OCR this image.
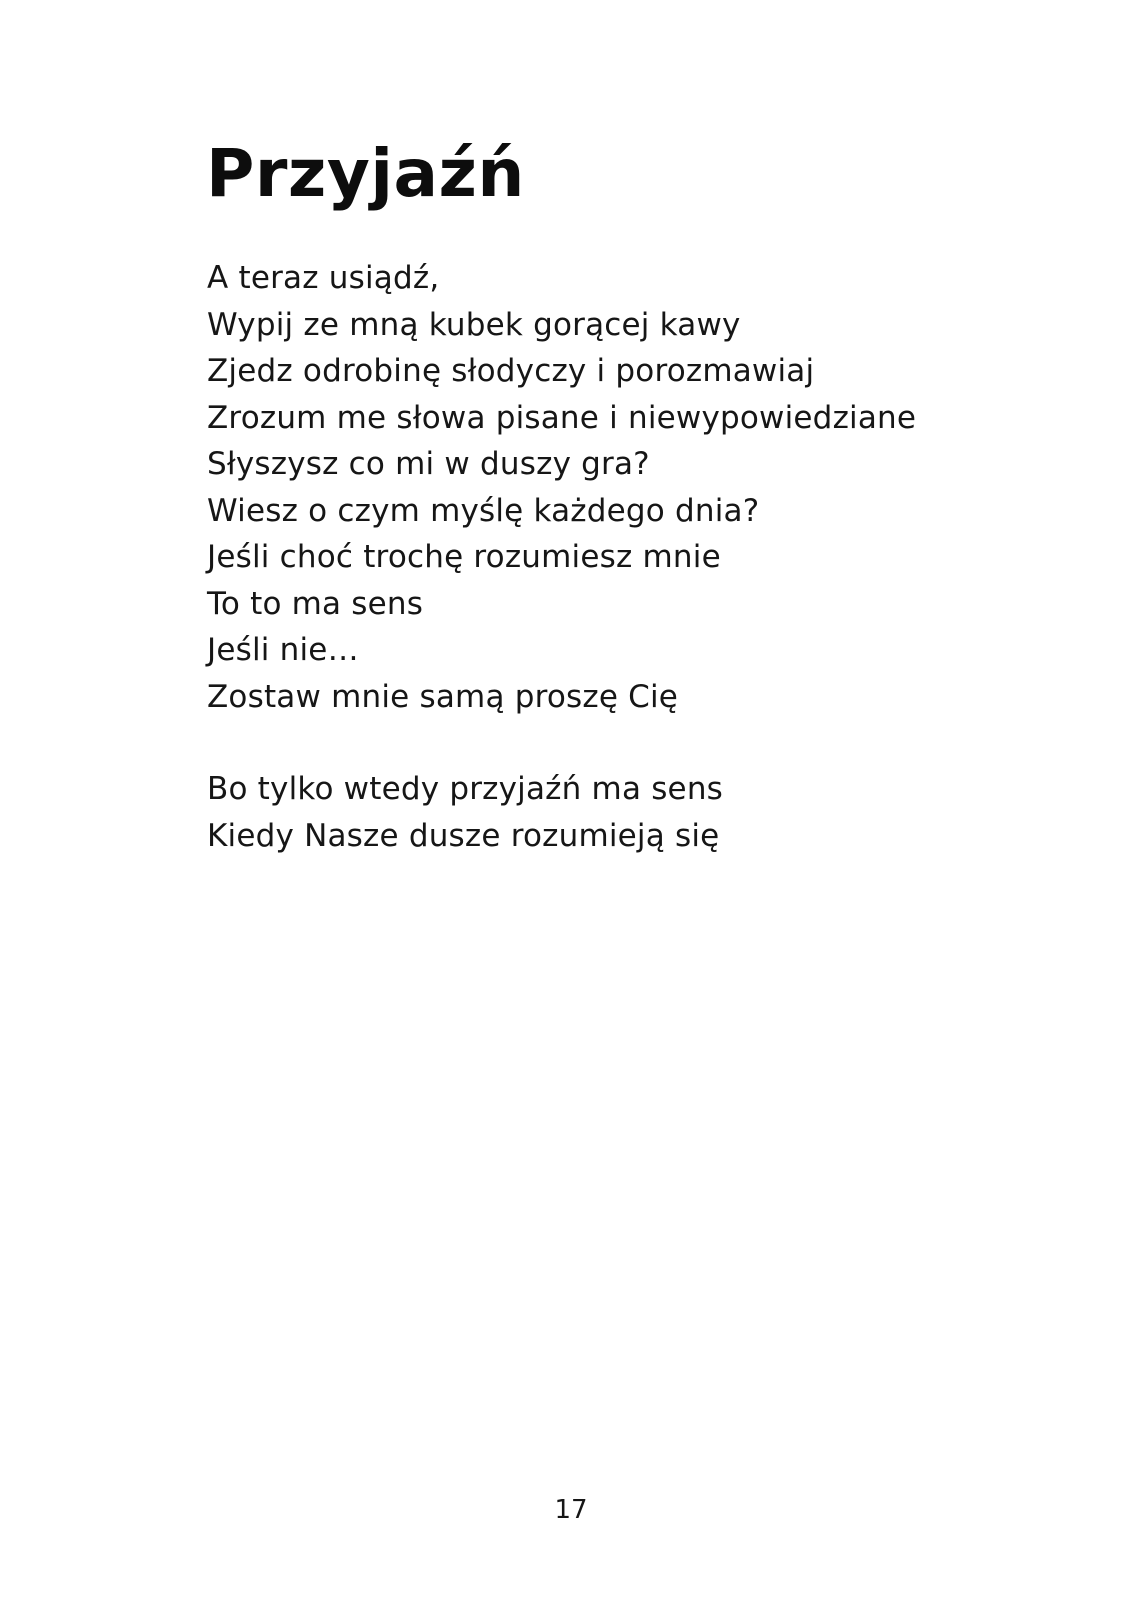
Przyjaźń
A teraz usiądź,
Wypij ze mną kubek gorącej kawy
Zjedz odrobinę słodyczy i porozmawiaj
Zrozum me słowa pisane i niewypowiedziane
Słyszysz co mi w duszy gra?
Wiesz o czym myślę każdego dnia?
Jeśli choć trochę rozumiesz mnie
To to ma sens
Jeśli nie…
Zostaw mnie samą proszę Cię
Bo tylko wtedy przyjaźń ma sens
Kiedy Nasze dusze rozumieją się
17
